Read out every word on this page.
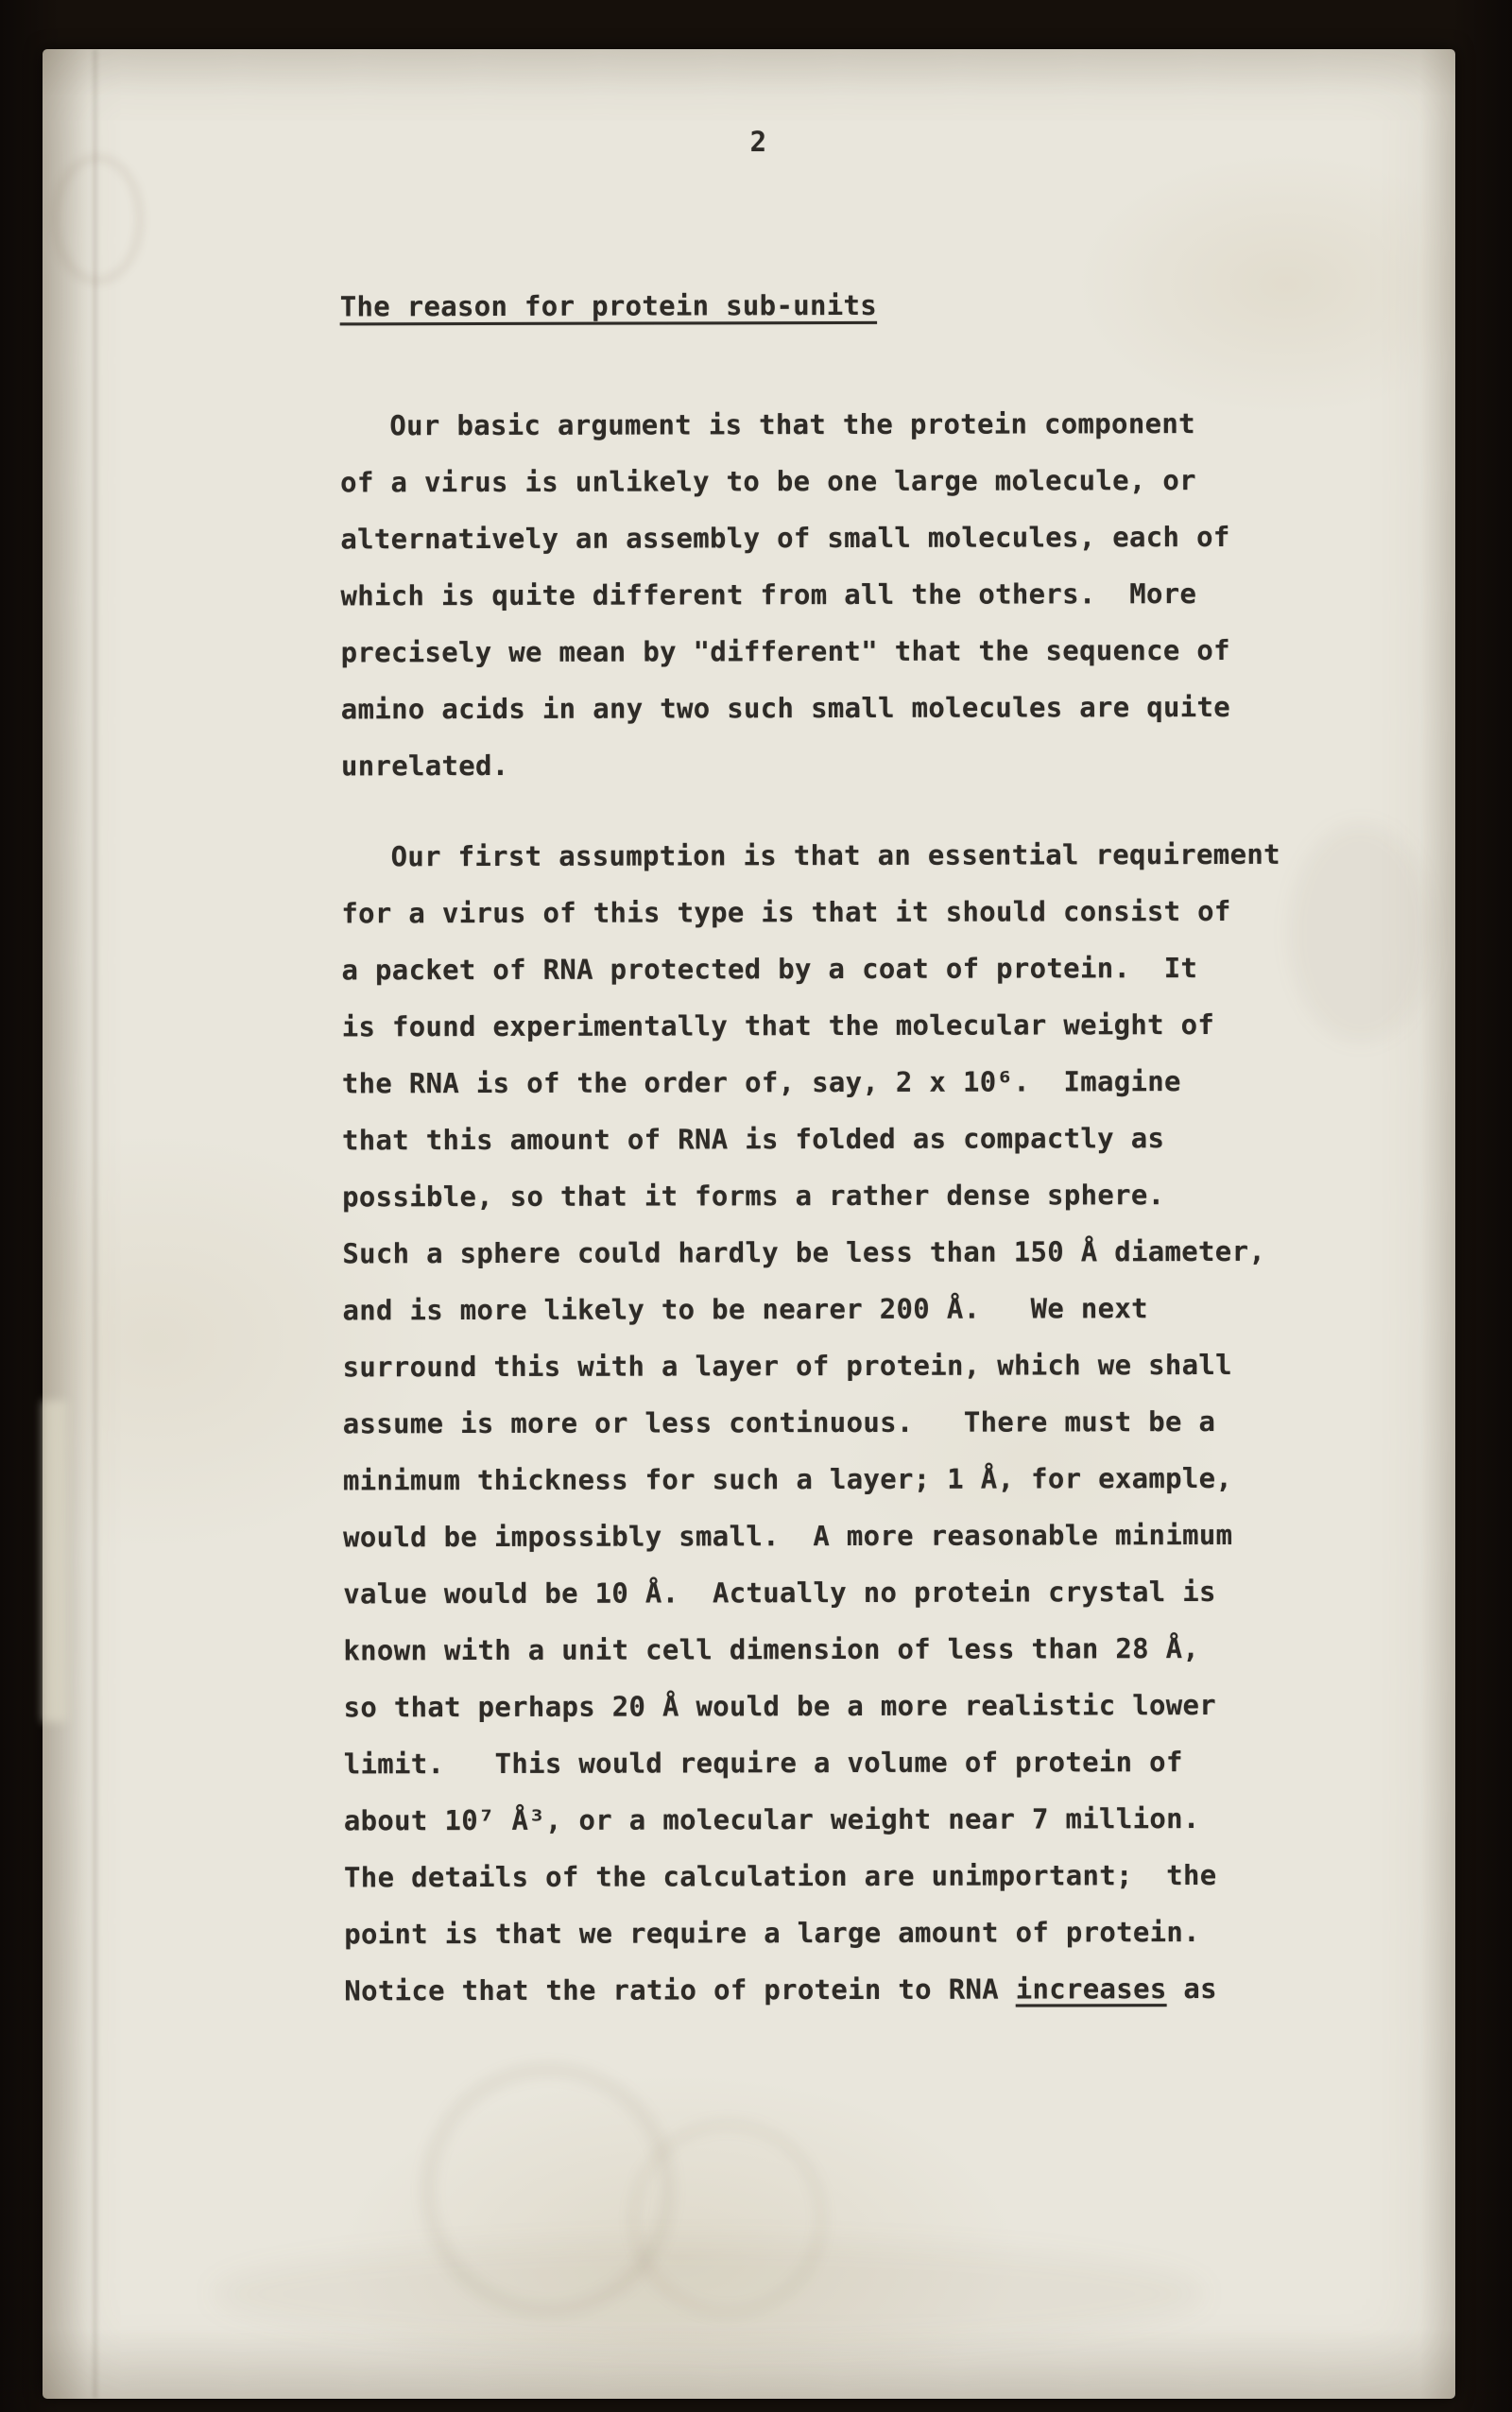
2
The reason for protein sub-units
Our basic argument is that the protein component
of a virus is unlikely to be one large molecule, or
alternatively an assembly of small molecules, each of
which is quite different from all the others.  More
precisely we mean by "different" that the sequence of
amino acids in any two such small molecules are quite
unrelated.
Our first assumption is that an essential requirement
for a virus of this type is that it should consist of
a packet of RNA protected by a coat of protein.  It
is found experimentally that the molecular weight of
the RNA is of the order of, say, 2 x 10⁶.  Imagine
that this amount of RNA is folded as compactly as
possible, so that it forms a rather dense sphere.
Such a sphere could hardly be less than 150 Å diameter,
and is more likely to be nearer 200 Å.   We next
surround this with a layer of protein, which we shall
assume is more or less continuous.   There must be a
minimum thickness for such a layer; 1 Å, for example,
would be impossibly small.  A more reasonable minimum
value would be 10 Å.  Actually no protein crystal is
known with a unit cell dimension of less than 28 Å,
so that perhaps 20 Å would be a more realistic lower
limit.   This would require a volume of protein of
about 10⁷ Å³, or a molecular weight near 7 million.
The details of the calculation are unimportant;  the
point is that we require a large amount of protein.
Notice that the ratio of protein to RNA increases as
